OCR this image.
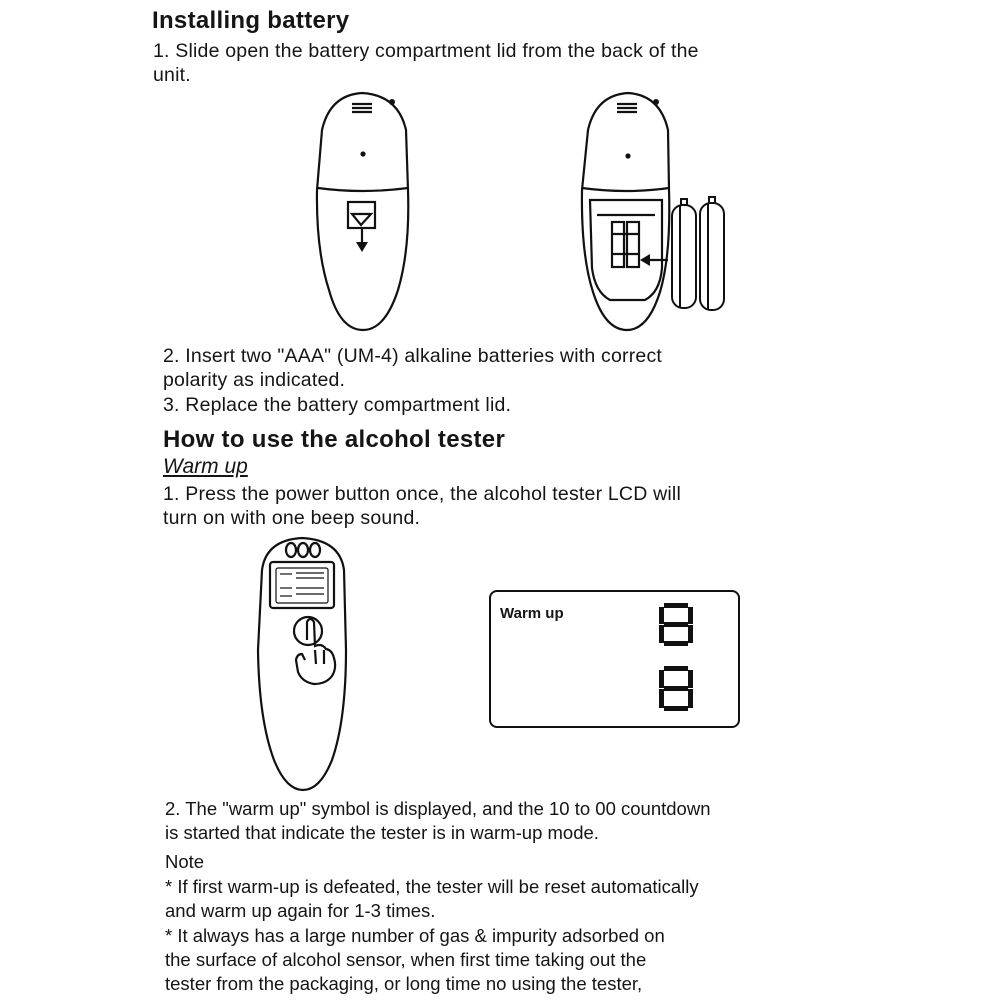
Installing battery
1. Slide open the battery compartment lid from the back of the
unit.
2. Insert two "AAA" (UM-4) alkaline batteries with correct
polarity as indicated.
3. Replace the battery compartment lid.
How to use the alcohol tester
Warm up
1. Press the power button once, the alcohol tester LCD will
turn on with one beep sound.
Warm up
2. The "warm up" symbol is displayed, and the 10 to 00 countdown
is started that indicate the tester is in warm-up mode.
Note
* If first warm-up is defeated, the tester will be reset automatically
and warm up again for 1-3 times.
* It always has a large number of gas & impurity adsorbed on
the surface of alcohol sensor, when first time taking out the
tester from the packaging, or long time no using the tester,
